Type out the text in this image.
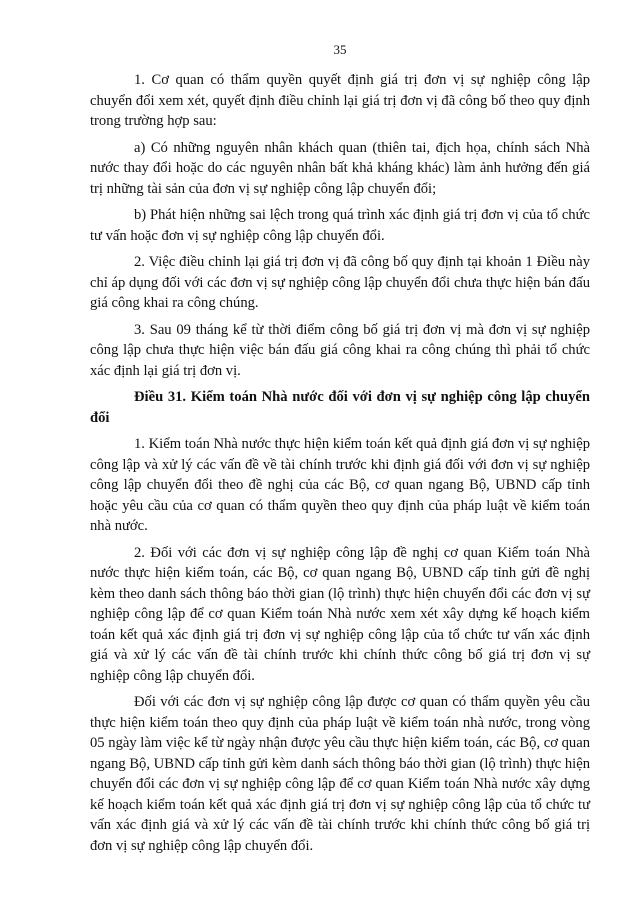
35

1. Cơ quan có thẩm quyền quyết định giá trị đơn vị sự nghiệp công lập chuyển đổi xem xét, quyết định điều chỉnh lại giá trị đơn vị đã công bố theo quy định trong trường hợp sau:

a) Có những nguyên nhân khách quan (thiên tai, địch họa, chính sách Nhà nước thay đổi hoặc do các nguyên nhân bất khả kháng khác) làm ảnh hưởng đến giá trị những tài sản của đơn vị sự nghiệp công lập chuyển đổi;

b) Phát hiện những sai lệch trong quá trình xác định giá trị đơn vị của tổ chức tư vấn hoặc đơn vị sự nghiệp công lập chuyển đổi.

2. Việc điều chỉnh lại giá trị đơn vị đã công bố quy định tại khoản 1 Điều này chỉ áp dụng đối với các đơn vị sự nghiệp công lập chuyển đổi chưa thực hiện bán đấu giá công khai ra công chúng.

3. Sau 09 tháng kể từ thời điểm công bố giá trị đơn vị mà đơn vị sự nghiệp công lập chưa thực hiện việc bán đấu giá công khai ra công chúng thì phải tổ chức xác định lại giá trị đơn vị.

Điều 31. Kiểm toán Nhà nước đối với đơn vị sự nghiệp công lập chuyển đổi

1. Kiểm toán Nhà nước thực hiện kiểm toán kết quả định giá đơn vị sự nghiệp công lập và xử lý các vấn đề về tài chính trước khi định giá đối với đơn vị sự nghiệp công lập chuyển đổi theo đề nghị của các Bộ, cơ quan ngang Bộ, UBND cấp tỉnh hoặc yêu cầu của cơ quan có thẩm quyền theo quy định của pháp luật về kiểm toán nhà nước.

2. Đối với các đơn vị sự nghiệp công lập đề nghị cơ quan Kiểm toán Nhà nước thực hiện kiểm toán, các Bộ, cơ quan ngang Bộ, UBND cấp tỉnh gửi đề nghị kèm theo danh sách thông báo thời gian (lộ trình) thực hiện chuyển đổi các đơn vị sự nghiệp công lập để cơ quan Kiểm toán Nhà nước xem xét xây dựng kế hoạch kiểm toán kết quả xác định giá trị đơn vị sự nghiệp công lập của tổ chức tư vấn xác định giá và xử lý các vấn đề tài chính trước khi chính thức công bố giá trị đơn vị sự nghiệp công lập chuyển đổi.

Đối với các đơn vị sự nghiệp công lập được cơ quan có thẩm quyền yêu cầu thực hiện kiểm toán theo quy định của pháp luật về kiểm toán nhà nước, trong vòng 05 ngày làm việc kể từ ngày nhận được yêu cầu thực hiện kiểm toán, các Bộ, cơ quan ngang Bộ, UBND cấp tỉnh gửi kèm danh sách thông báo thời gian (lộ trình) thực hiện chuyển đổi các đơn vị sự nghiệp công lập để cơ quan Kiểm toán Nhà nước xây dựng kế hoạch kiểm toán kết quả xác định giá trị đơn vị sự nghiệp công lập của tổ chức tư vấn xác định giá và xử lý các vấn đề tài chính trước khi chính thức công bố giá trị đơn vị sự nghiệp công lập chuyển đổi.
